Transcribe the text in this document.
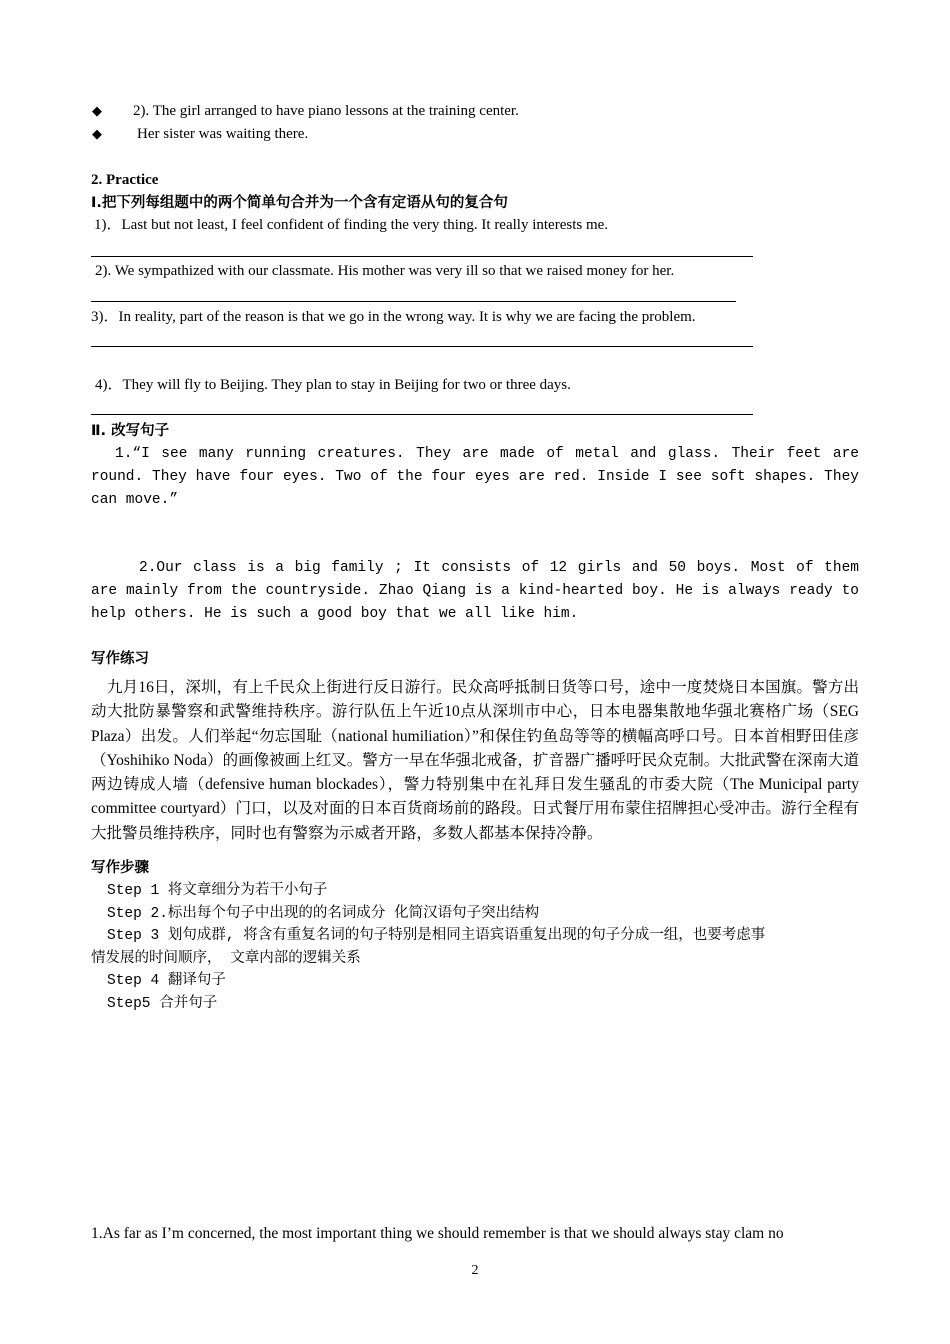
◆ 2). The girl arranged to have piano lessons at the training center.
◆ Her sister was waiting there.
2. Practice
Ⅰ.把下列每组题中的两个简单句合并为一个含有定语从句的复合句
1)．Last but not least, I feel confident of finding the very thing. It really interests me.
2). We sympathized with our classmate. His mother was very ill so that we raised money for her.
3)．In reality, part of the reason is that we go in the wrong way. It is why we are facing the problem.
4)．They will fly to Beijing. They plan to stay in Beijing for two or three days.
Ⅱ. 改写句子
1.“I see many running creatures. They are made of metal and glass. Their feet are round. They have four eyes. Two of the four eyes are red. Inside I see soft shapes. They can move.”
2.Our class is a big family ; It consists of 12 girls and 50 boys. Most of them are mainly from the countryside. Zhao Qiang is a kind-hearted boy. He is always ready to help others. He is such a good boy that we all like him.
写作练习
九月16日，深圳，有上千民众上街进行反日游行。民众高呼抵制日货等口号，途中一度焚烧日本国旗。警方出动大批防暴警察和武警维持秩序。游行队伍上午近10点从深圳市中心，日本电器集散地华强北赛格广场（SEG Plaza）出发。人们举起“勿忘国耻（national humiliation）”和保住钓鱼岛等等的横幅高呼口号。日本首相野田佳彦（Yoshihiko Noda）的画像被画上红叉。警方一早在华强北戒备，扩音器广播呼吁民众克制。大批武警在深南大道两边铸成人墙（defensive human blockades），警力特别集中在礼拜日发生骚乱的市委大院（The Municipal party committee courtyard）门口，以及对面的日本百货商场前的路段。日式餐厅用布蒙住招牌担心受冲击。游行全程有大批警员维持秩序，同时也有警察为示威者开路，多数人都基本保持冷静。
写作步骤
Step 1 将文章细分为若干小句子
Step 2.标出每个句子中出现的的名词成分 化简汉语句子突出结构
Step 3 划句成群, 将含有重复名词的句子特别是相同主语宾语重复出现的句子分成一组，也要考虑事
情发展的时间顺序， 文章内部的逻辑关系
Step 4 翻译句子
Step5 合并句子
1.As far as I’m concerned, the most important thing we should remember is that we should always stay clam no
2
